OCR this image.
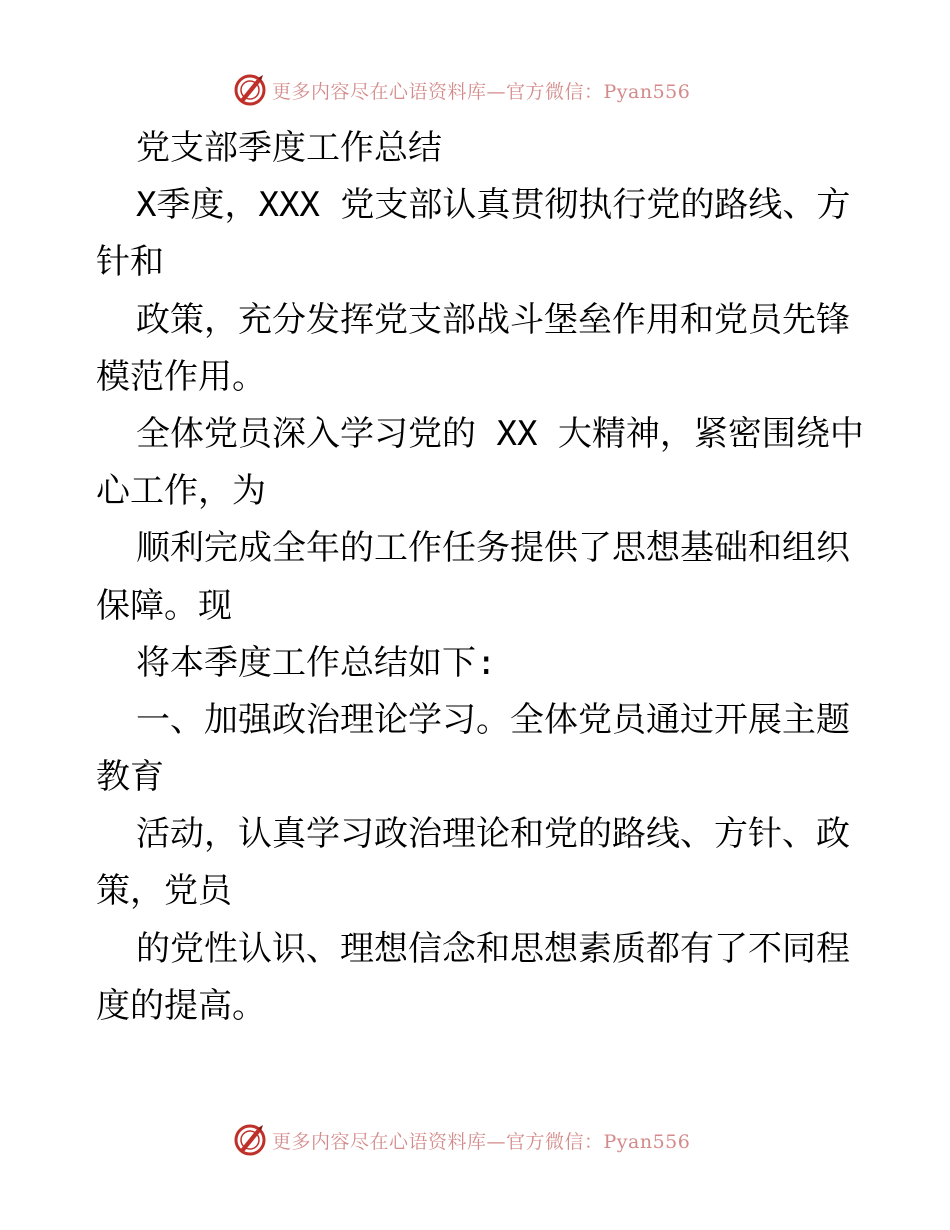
更多内容尽在心语资料库—官方微信：Pyan556
党支部季度工作总结
X季度，XXX 党支部认真贯彻执行党的路线、方
针和
政策，充分发挥党支部战斗堡垒作用和党员先锋
模范作用。
全体党员深入学习党的 XX 大精神，紧密围绕中
心工作，为
顺利完成全年的工作任务提供了思想基础和组织
保障。现
将本季度工作总结如下:
一、加强政治理论学习。全体党员通过开展主题
教育
活动，认真学习政治理论和党的路线、方针、政
策，党员
的党性认识、理想信念和思想素质都有了不同程
度的提高。
更多内容尽在心语资料库—官方微信：Pyan556
